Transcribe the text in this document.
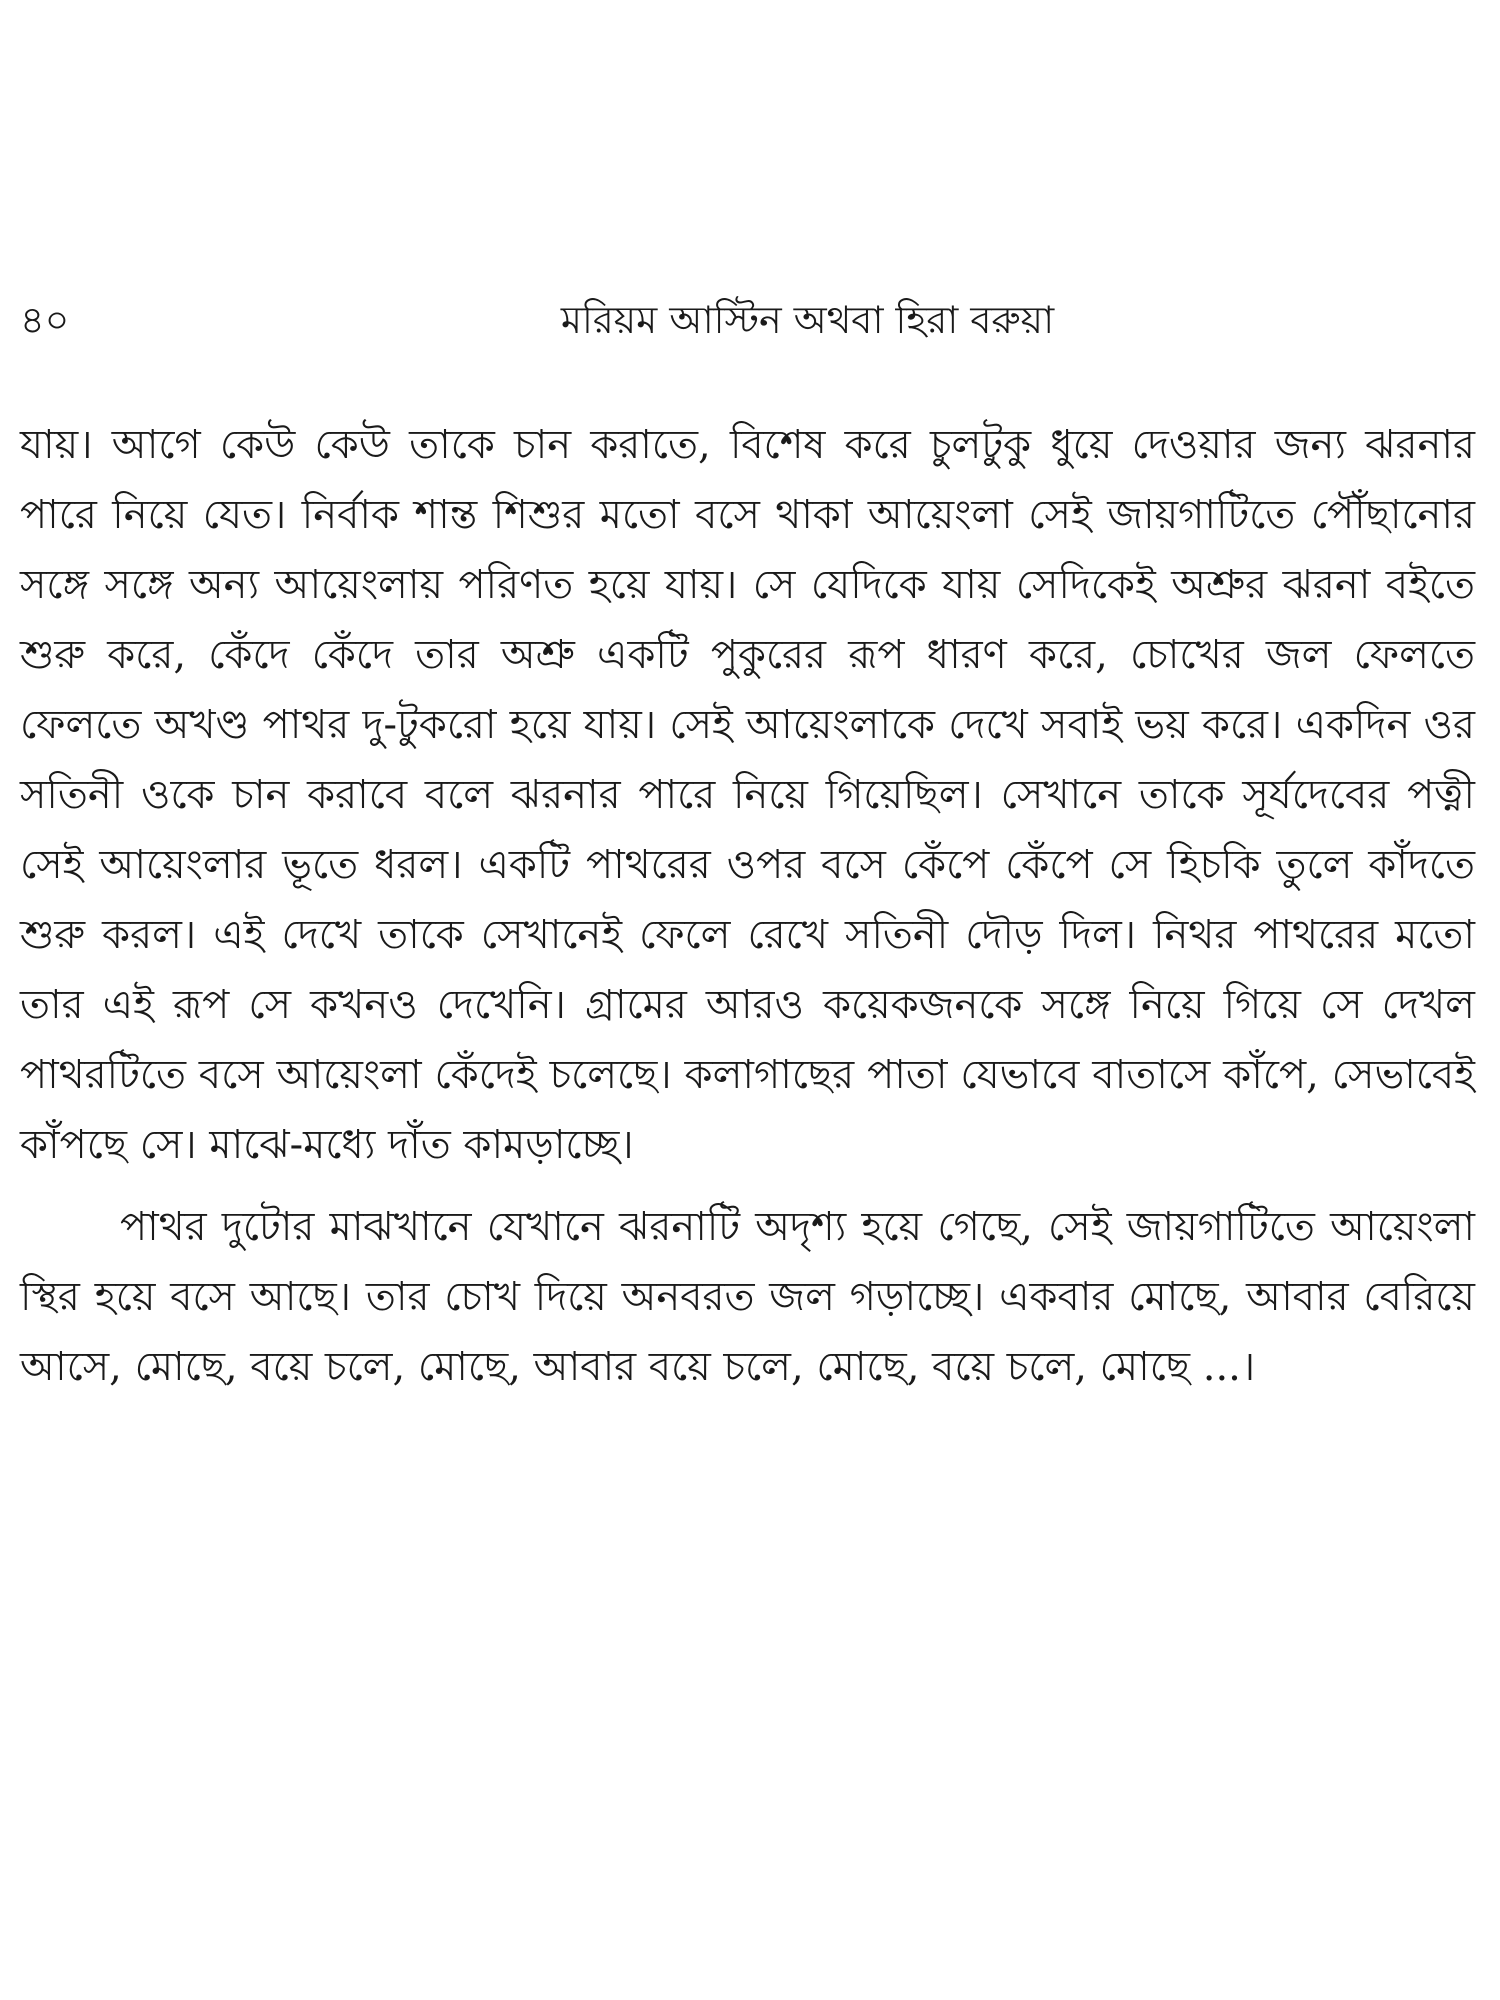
৪০	মরিয়ম আস্টিন অথবা হিরা বরুয়া

যায়। আগে কেউ কেউ তাকে চান করাতে, বিশেষ করে চুলটুকু ধুয়ে দেওয়ার জন্য ঝরনার পারে নিয়ে যেত। নির্বাক শান্ত শিশুর মতো বসে থাকা আয়েংলা সেই জায়গাটিতে পৌঁছানোর সঙ্গে সঙ্গে অন্য আয়েংলায় পরিণত হয়ে যায়। সে যেদিকে যায় সেদিকেই অশ্রুর ঝরনা বইতে শুরু করে, কেঁদে কেঁদে তার অশ্রু একটি পুকুরের রূপ ধারণ করে, চোখের জল ফেলতে ফেলতে অখণ্ড পাথর দু-টুকরো হয়ে যায়। সেই আয়েংলাকে দেখে সবাই ভয় করে। একদিন ওর সতিনী ওকে চান করাবে বলে ঝরনার পারে নিয়ে গিয়েছিল। সেখানে তাকে সূর্যদেবের পত্নী সেই আয়েংলার ভূতে ধরল। একটি পাথরের ওপর বসে কেঁপে কেঁপে সে হিচকি তুলে কাঁদতে শুরু করল। এই দেখে তাকে সেখানেই ফেলে রেখে সতিনী দৌড় দিল। নিথর পাথরের মতো তার এই রূপ সে কখনও দেখেনি। গ্রামের আরও কয়েকজনকে সঙ্গে নিয়ে গিয়ে সে দেখল পাথরটিতে বসে আয়েংলা কেঁদেই চলেছে। কলাগাছের পাতা যেভাবে বাতাসে কাঁপে, সেভাবেই কাঁপছে সে। মাঝে-মধ্যে দাঁত কামড়াচ্ছে।

পাথর দুটোর মাঝখানে যেখানে ঝরনাটি অদৃশ্য হয়ে গেছে, সেই জায়গাটিতে আয়েংলা স্থির হয়ে বসে আছে। তার চোখ দিয়ে অনবরত জল গড়াচ্ছে। একবার মোছে, আবার বেরিয়ে আসে, মোছে, বয়ে চলে, মোছে, আবার বয়ে চলে, মোছে, বয়ে চলে, মোছে ...।
